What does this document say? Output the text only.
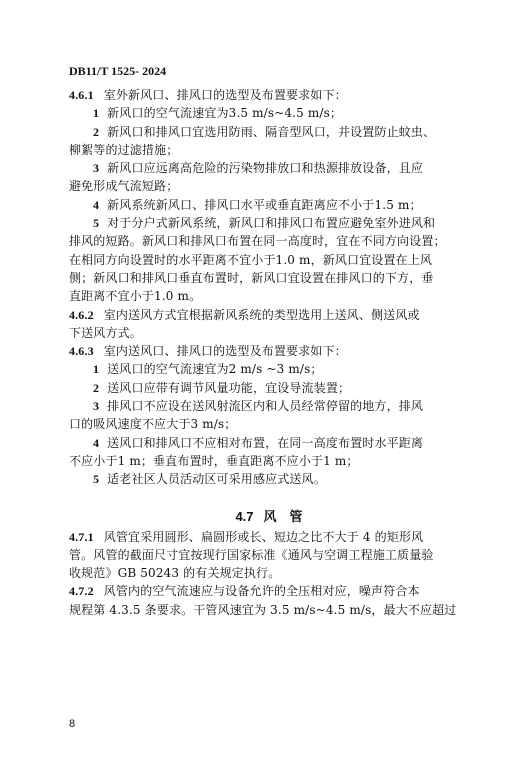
DB11/T 1525- 2024
4.6.1 室外新风口、排风口的选型及布置要求如下：
1 新风口的空气流速宜为3.5 m/s~4.5 m/s；
2 新风口和排风口宜选用防雨、隔音型风口，并设置防止蚊虫、
柳絮等的过滤措施；
3 新风口应远离高危险的污染物排放口和热源排放设备，且应
避免形成气流短路；
4 新风系统新风口、排风口水平或垂直距离应不小于1.5 m；
5 对于分户式新风系统，新风口和排风口布置应避免室外进风和
排风的短路。新风口和排风口布置在同一高度时，宜在不同方向设置；
在相同方向设置时的水平距离不宜小于1.0 m，新风口宜设置在上风
侧；新风口和排风口垂直布置时，新风口宜设置在排风口的下方，垂
直距离不宜小于1.0 m。
4.6.2 室内送风方式宜根据新风系统的类型选用上送风、侧送风或
下送风方式。
4.6.3 室内送风口、排风口的选型及布置要求如下：
1 送风口的空气流速宜为2 m/s ~3 m/s；
2 送风口应带有调节风量功能，宜设导流装置；
3 排风口不应设在送风射流区内和人员经常停留的地方，排风
口的吸风速度不应大于3 m/s；
4 送风口和排风口不应相对布置，在同一高度布置时水平距离
不应小于1 m；垂直布置时，垂直距离不应小于1 m；
5 适老社区人员活动区可采用感应式送风。
4.7 风　管
4.7.1 风管宜采用圆形、扁圆形或长、短边之比不大于 4 的矩形风
管。风管的截面尺寸宜按现行国家标准《通风与空调工程施工质量验
收规范》GB 50243 的有关规定执行。
4.7.2 风管内的空气流速应与设备允许的全压相对应，噪声符合本
规程第 4.3.5 条要求。干管风速宜为 3.5 m/s~4.5 m/s，最大不应超过
8
